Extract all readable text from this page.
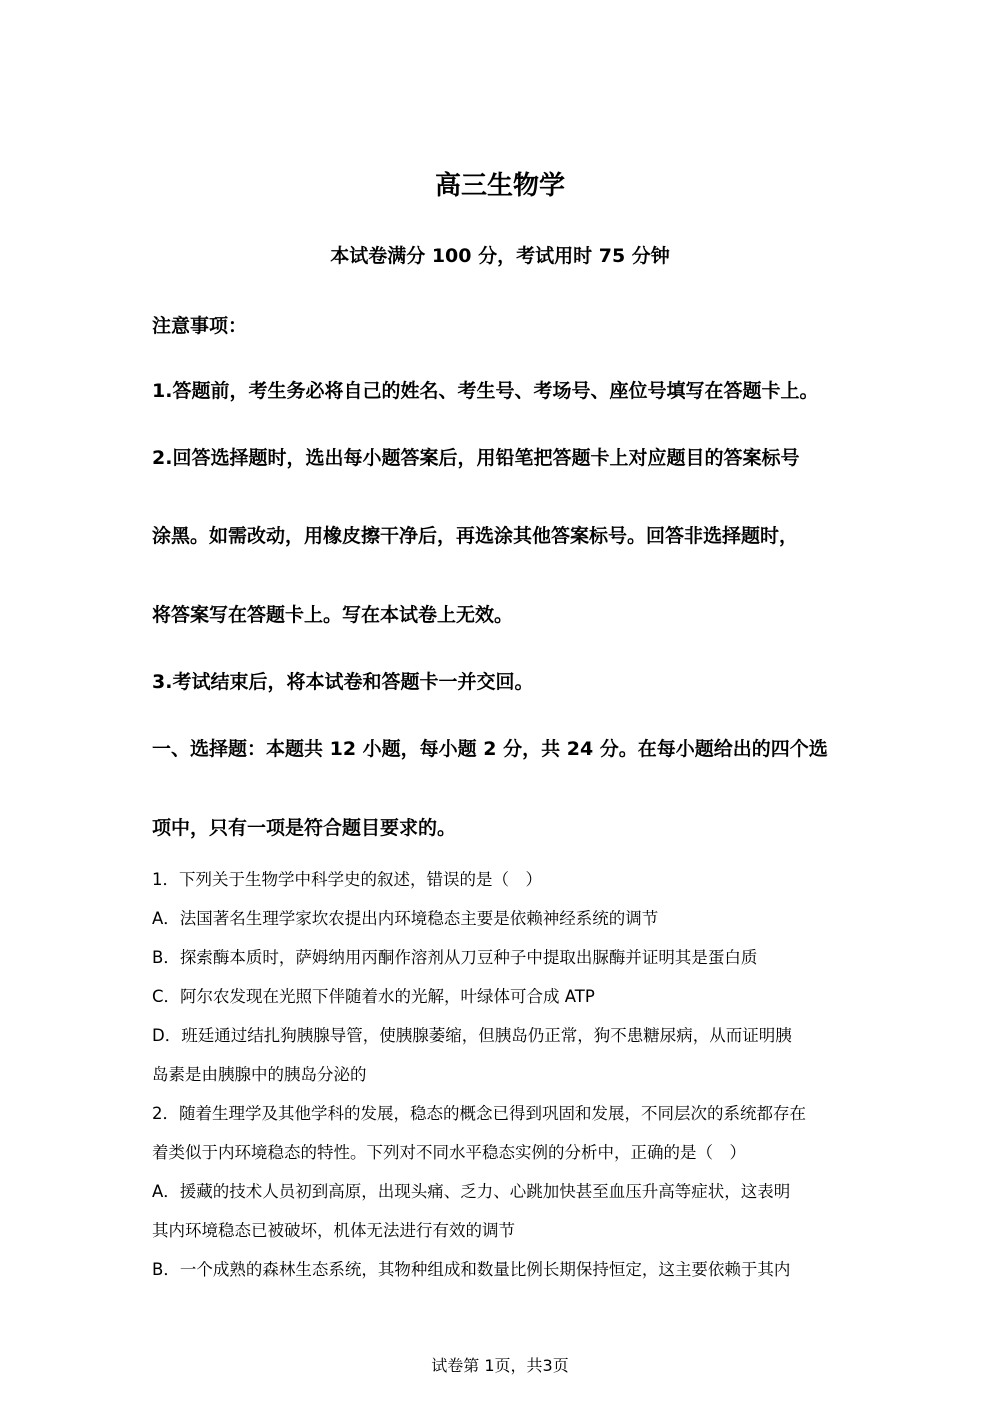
高三生物学
本试卷满分 100 分，考试用时 75 分钟
注意事项：
1.答题前，考生务必将自己的姓名、考生号、考场号、座位号填写在答题卡上。
2.回答选择题时，选出每小题答案后，用铅笔把答题卡上对应题目的答案标号
涂黑。如需改动，用橡皮擦干净后，再选涂其他答案标号。回答非选择题时，
将答案写在答题卡上。写在本试卷上无效。
3.考试结束后，将本试卷和答题卡一并交回。
一、选择题：本题共 12 小题，每小题 2 分，共 24 分。在每小题给出的四个选
项中，只有一项是符合题目要求的。
1．下列关于生物学中科学史的叙述，错误的是（　）
A．法国著名生理学家坎农提出内环境稳态主要是依赖神经系统的调节
B．探索酶本质时，萨姆纳用丙酮作溶剂从刀豆种子中提取出脲酶并证明其是蛋白质
C．阿尔农发现在光照下伴随着水的光解，叶绿体可合成 ATP
D．班廷通过结扎狗胰腺导管，使胰腺萎缩，但胰岛仍正常，狗不患糖尿病，从而证明胰
岛素是由胰腺中的胰岛分泌的
2．随着生理学及其他学科的发展，稳态的概念已得到巩固和发展，不同层次的系统都存在
着类似于内环境稳态的特性。下列对不同水平稳态实例的分析中，正确的是（　）
A．援藏的技术人员初到高原，出现头痛、乏力、心跳加快甚至血压升高等症状，这表明
其内环境稳态已被破坏，机体无法进行有效的调节
B．一个成熟的森林生态系统，其物种组成和数量比例长期保持恒定，这主要依赖于其内
试卷第 1页，共3页
